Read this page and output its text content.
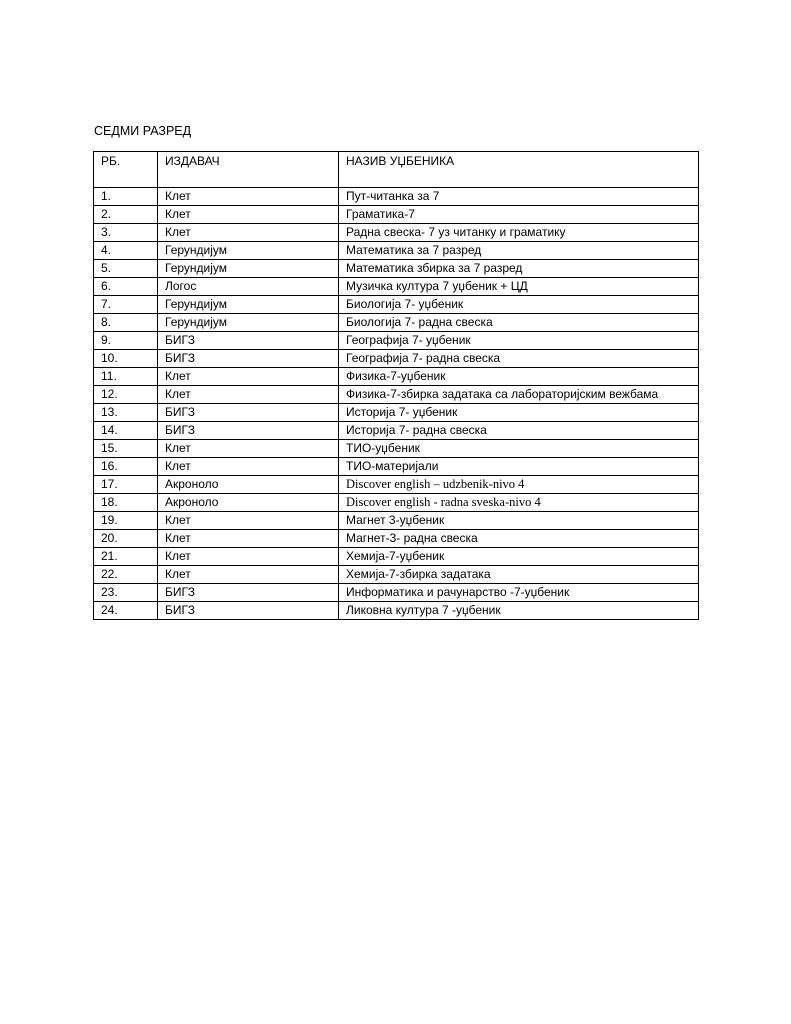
СЕДМИ РАЗРЕД
РБ.	ИЗДАВАЧ	НАЗИВ УЏБЕНИКА
1.	Клет	Пут-читанка за 7
2.	Клет	Граматика-7
3.	Клет	Радна свеска- 7 уз читанку и граматику
4.	Герундијум	Математика за 7 разред
5.	Герундијум	Математика збирка за 7 разред
6.	Логос	Музичка култура 7 уџбеник + ЦД
7.	Герундијум	Биологија 7- уџбеник
8.	Герундијум	Биологија 7- радна свеска
9.	БИГЗ	Географија 7- уџбеник
10.	БИГЗ	Географија 7- радна свеска
11.	Клет	Физика-7-уџбеник
12.	Клет	Физика-7-збирка задатака са лабораторијским вежбама
13.	БИГЗ	Историја 7- уџбеник
14.	БИГЗ	Историја 7- радна свеска
15.	Клет	ТИО-уџбеник
16.	Клет	ТИО-материјали
17.	Акроноло	Discover english – udzbenik-nivo 4
18.	Акроноло	Discover english - radna sveska-nivo 4
19.	Клет	Магнет 3-уџбеник
20.	Клет	Магнет-3- радна свеска
21.	Клет	Хемија-7-уџбеник
22.	Клет	Хемија-7-збирка задатака
23.	БИГЗ	Информатика и рачунарство -7-уџбеник
24.	БИГЗ	Ликовна култура 7 -уџбеник
